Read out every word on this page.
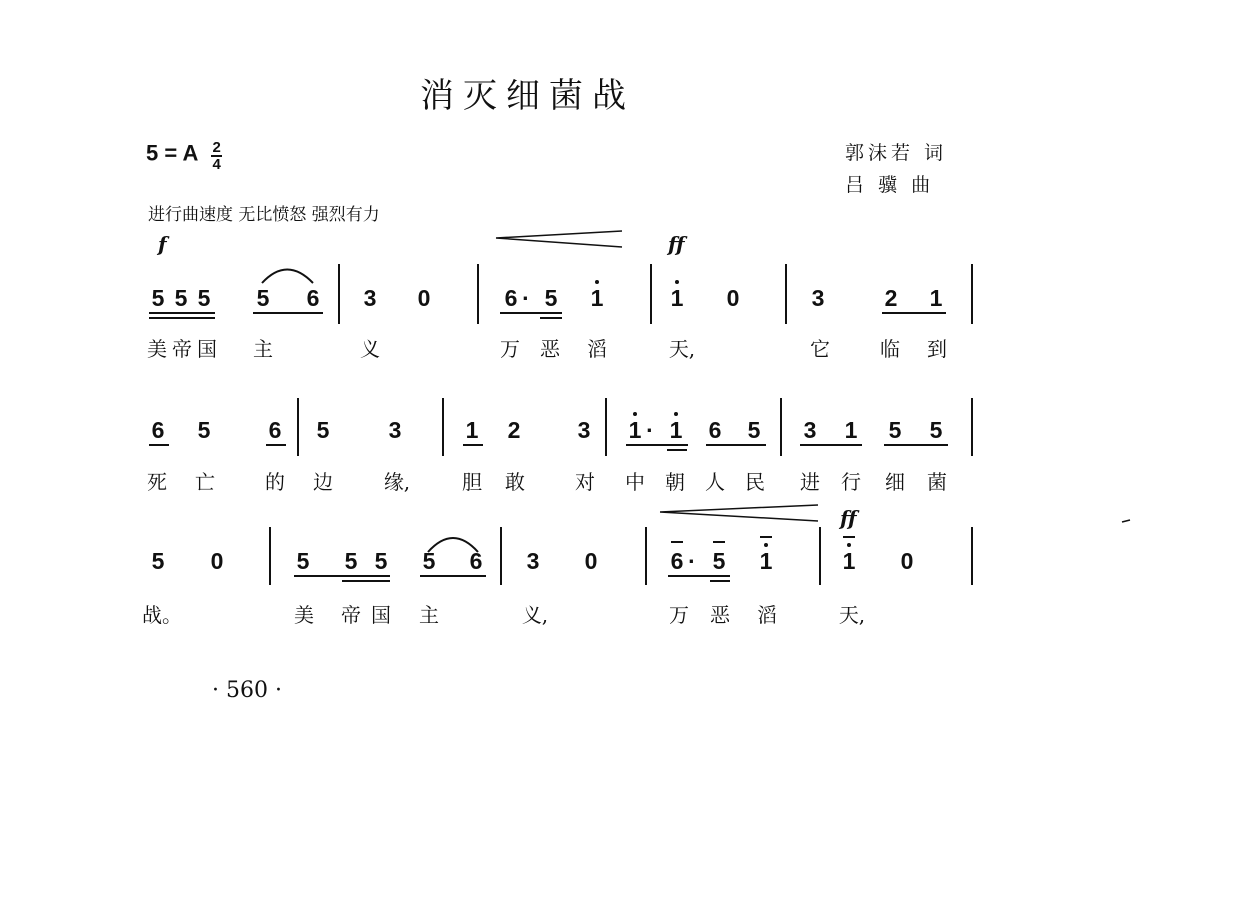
消灭细菌战
郭沫若 词
吕 骥 曲
5 = A $\frac{2}{4}$
进行曲速度 无比愤怒 强烈有力
f	ff
ff
5 5 5 5 6 3 0	6 · 5 1	1 0	3	2 1
美 帝 国 主	义	万 恶 滔	天,	它	临 到
6 5	6 5	3	1 2 3 1 · 1 6 5 3 1 5 5
死 亡	的 边	缘,	胆 敢	对 中 朝 人 民 进 行 细 菌
5 0	5 5 5 5 6 3 0	6 · 5 1	1 0
战。	美 帝 国 主	义,	万 恶 滔	天,
· 560 ·
